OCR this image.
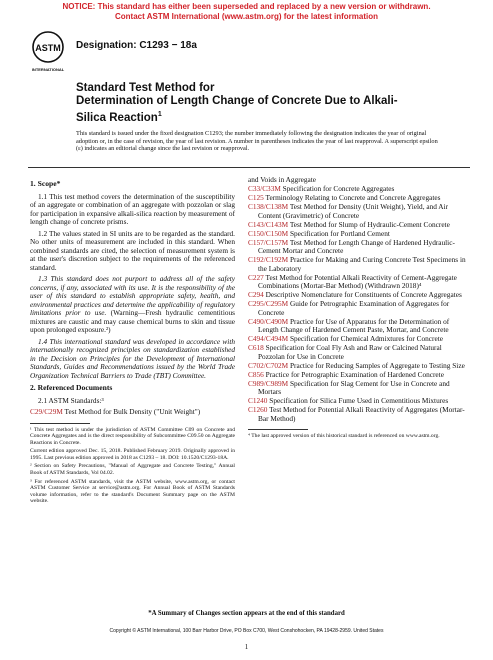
NOTICE: This standard has either been superseded and replaced by a new version or withdrawn.
Contact ASTM International (www.astm.org) for the latest information
ASTM
INTERNATIONAL
Designation: C1293 − 18a
Standard Test Method for
Determination of Length Change of Concrete Due to Alkali-
Silica Reaction$^1$
This standard is issued under the fixed designation C1293; the number immediately following the designation indicates the year of original adoption or, in the case of revision, the year of last revision. A number in parentheses indicates the year of last reapproval. A superscript epsilon (ε) indicates an editorial change since the last revision or reapproval.
1. Scope*
1.1 This test method covers the determination of the susceptibility of an aggregate or combination of an aggregate with pozzolan or slag for participation in expansive alkali-silica reaction by measurement of length change of concrete prisms.
1.2 The values stated in SI units are to be regarded as the standard. No other units of measurement are included in this standard. When combined standards are cited, the selection of measurement system is at the user's discretion subject to the requirements of the referenced standard.
1.3 This standard does not purport to address all of the safety concerns, if any, associated with its use. It is the responsibility of the user of this standard to establish appropriate safety, health, and environmental practices and determine the applicability of regulatory limitations prior to use. (Warning—Fresh hydraulic cementitious mixtures are caustic and may cause chemical burns to skin and tissue upon prolonged exposure.²)
1.4 This international standard was developed in accordance with internationally recognized principles on standardization established in the Decision on Principles for the Development of International Standards, Guides and Recommendations issued by the World Trade Organization Technical Barriers to Trade (TBT) Committee.
2. Referenced Documents
2.1 ASTM Standards:³
C29/C29M Test Method for Bulk Density ("Unit Weight")
¹ This test method is under the jurisdiction of ASTM Committee C09 on Concrete and Concrete Aggregates and is the direct responsibility of Subcommittee C09.50 on Aggregate Reactions in Concrete.
Current edition approved Dec. 15, 2018. Published February 2019. Originally approved in 1995. Last previous edition approved in 2018 as C1293 – 18. DOI: 10.1520/C1293-18A.
² Section on Safety Precautions, "Manual of Aggregate and Concrete Testing," Annual Book of ASTM Standards, Vol 04.02.
³ For referenced ASTM standards, visit the ASTM website, www.astm.org, or contact ASTM Customer Service at service@astm.org. For Annual Book of ASTM Standards volume information, refer to the standard's Document Summary page on the ASTM website.
and Voids in Aggregate
C33/C33M Specification for Concrete Aggregates
C125 Terminology Relating to Concrete and Concrete Aggregates
C138/C138M Test Method for Density (Unit Weight), Yield, and Air Content (Gravimetric) of Concrete
C143/C143M Test Method for Slump of Hydraulic-Cement Concrete
C150/C150M Specification for Portland Cement
C157/C157M Test Method for Length Change of Hardened Hydraulic-Cement Mortar and Concrete
C192/C192M Practice for Making and Curing Concrete Test Specimens in the Laboratory
C227 Test Method for Potential Alkali Reactivity of Cement-Aggregate Combinations (Mortar-Bar Method) (Withdrawn 2018)⁴
C294 Descriptive Nomenclature for Constituents of Concrete Aggregates
C295/C295M Guide for Petrographic Examination of Aggregates for Concrete
C490/C490M Practice for Use of Apparatus for the Determination of Length Change of Hardened Cement Paste, Mortar, and Concrete
C494/C494M Specification for Chemical Admixtures for Concrete
C618 Specification for Coal Fly Ash and Raw or Calcined Natural Pozzolan for Use in Concrete
C702/C702M Practice for Reducing Samples of Aggregate to Testing Size
C856 Practice for Petrographic Examination of Hardened Concrete
C989/C989M Specification for Slag Cement for Use in Concrete and Mortars
C1240 Specification for Silica Fume Used in Cementitious Mixtures
C1260 Test Method for Potential Alkali Reactivity of Aggregates (Mortar-Bar Method)
⁴ The last approved version of this historical standard is referenced on www.astm.org.
*A Summary of Changes section appears at the end of this standard
Copyright © ASTM International, 100 Barr Harbor Drive, PO Box C700, West Conshohocken, PA 19428-2959. United States
1
